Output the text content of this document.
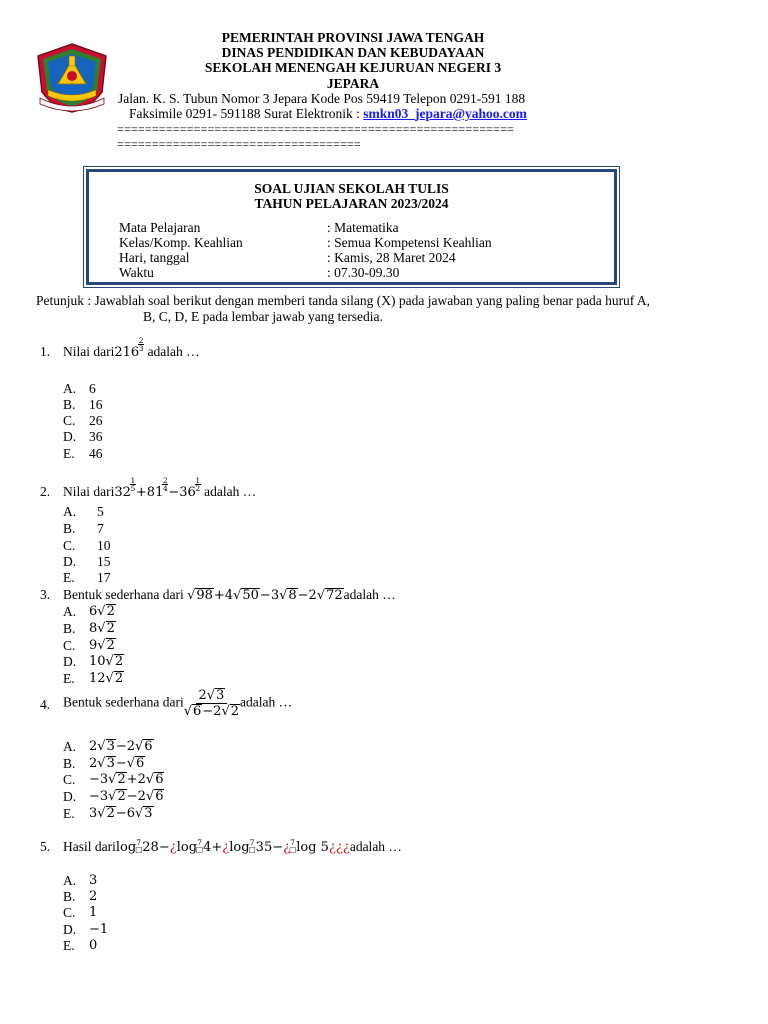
PEMERINTAH PROVINSI JAWA TENGAH
DINAS PENDIDIKAN DAN KEBUDAYAAN
SEKOLAH MENENGAH KEJURUAN NEGERI 3
JEPARA
Jalan. K. S. Tubun Nomor 3 Jepara Kode Pos 59419 Telepon 0291-591 188
Faksimile 0291- 591188 Surat Elektronik : smkn03_jepara@yahoo.com
=========================================================
===================================
SOAL UJIAN SEKOLAH TULIS
TAHUN PELAJARAN 2023/2024
Mata Pelajaran	: Matematika
Kelas/Komp. Keahlian	: Semua Kompetensi Keahlian
Hari, tanggal	: Kamis, 28 Maret 2024
Waktu	: 07.30-09.30
Petunjuk : Jawablah soal berikut dengan memberi tanda silang (X) pada jawaban yang paling benar pada huruf A,
B, C, D, E pada lembar jawab yang tersedia.
1. Nilai dari216
$\frac{2}{3}$ adalah …
A. 6
B. 16
C. 26
D. 36
E. 46
2. Nilai dari32
$\frac{1}{5}$
+81
$\frac{2}{4}$
−36
$\frac{1}{2}$ adalah …
A. 5
B. 7
C. 10
D. 15
E. 17
3. Bentuk sederhana dari √98+4√50−3√8−2√72adalah …
A. 6√2
B. 8√2
C. 9√2
D. 10√2
E. 12√2
4. Bentuk sederhana dari $\frac{2√3}{√6-2√2}$ adalah …
A. 2√3−2√6
B. 2√3−√6
C. −3√2+2√6
D. −3√2−2√6
E. 3√2−6√3
5. Hasil darilog 7
□ 28−¿log 7
□ 4+¿log 7
□ 35−¿ 7
□ log 5¿¿¿adalah …
A. 3
B. 2
C. 1
D. −1
E. 0
